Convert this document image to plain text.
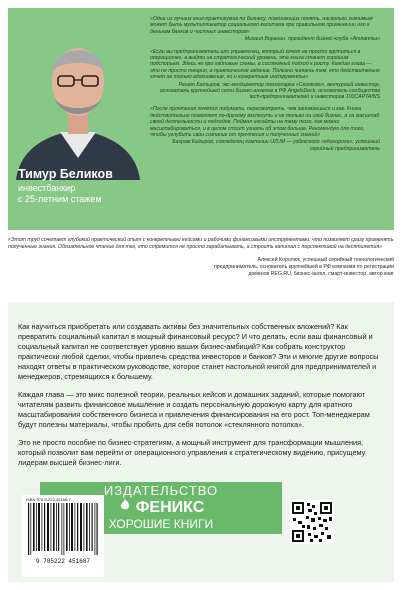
Тимур Беликов

инвестбанкир

с 25-летним стажем

«Одна из лучших книг-практикумов по бизнесу, помогающих понять, насколько значимым может быть мультипликатор социального капитала при правильном применении его к деньгам банков и частных инвесторов»

Михаил Воранин, президент бизнес-клуба «Атланты»

«Если вы предприниматель или управленец, который хочет не просто крутиться в операционке, а выйти на стратегический уровень, эта книга станет хорошим подспорьем. Здесь не про хайповые схемы, а системный подход к росту. Каждая глава — это не просто теория, а практическое задание. Полезно читать тем, кто действительно хочет не только вдохновение, но и конкретные инструменты»

Ренат Батыров, экс-гендиректор технопарка «Сколково», венчурный инвестор, основатель крупнейшей сети бизнес-ангелов в РФ AngelsDeck, основатель сообщества tech-предпринимателей и инвесторов 100CAPTAINS

«После прочтения хочется подумать, пересмотреть, чем занимаешься и как. Книга действительно позволяет по-другому взглянуть и не только на свой бизнес, а на масштаб своей деятельности и подходов. Поймал инсайты на тему того, как можно масштабироваться, и в целом стоит узнать об этом больше. Рекомендую для того, чтобы углубить свои сознание от прочтения и полученных знаний»

Бахрам Кадыров, совладелец компании UZUM — узбекского «единорога», успешный серийный предприниматель

«Этот труд сочетает глубокий практический опыт с конкретными кейсами и рабочими финансовыми инструментами, что позволяет сразу применять полученные знания. Обязательное чтение для тех, кто стремится не просто зарабатывать, а строить капитал с перспективой на десятилетия»

Алексей Королюк, успешный серийный технологический
предприниматель, основатель крупнейшей в РФ компании по регистрации
доменов REG.RU, бизнес-ангел, смарт-инвестор, автор книг

Как научиться приобретать или создавать активы без значительных собственных вложений? Как превратить социальный капитал в мощный финансовый ресурс? И что делать, если ваш финансовый и социальный капитал не соответствует уровню ваших бизнес-амбиций? Как собрать конструктор практически любой сделки, чтобы привлечь средства инвесторов и банков? Эти и многие другие вопросы находят ответы в практическом руководстве, которое станет настольной книгой для предпринимателей и менеджеров, стремящихся к большему.

Каждая глава — это микс полезной теории, реальных кейсов и домашних заданий, которые помогают читателям развить финансовое мышление и создать персональную дорожную карту для кратного масштабирования собственного бизнеса и привлечения финансирования на его рост. Топ-менеджерам будут полезны материалы, чтобы пробить для себя потолок «стеклянного потолка».

Это не просто пособие по бизнес-стратегиям, а мощный инструмент для трансформации мышления, который позволит вам перейти от операционного управления к стратегическому видению, присущему лидерам высшей бизнес-лиги.

ИЗДАТЕЛЬСТВО
ФЕНИКС
ХОРОШИЕ КНИГИ
ISBN 978-5-222-45168-7
9 785222 451687
